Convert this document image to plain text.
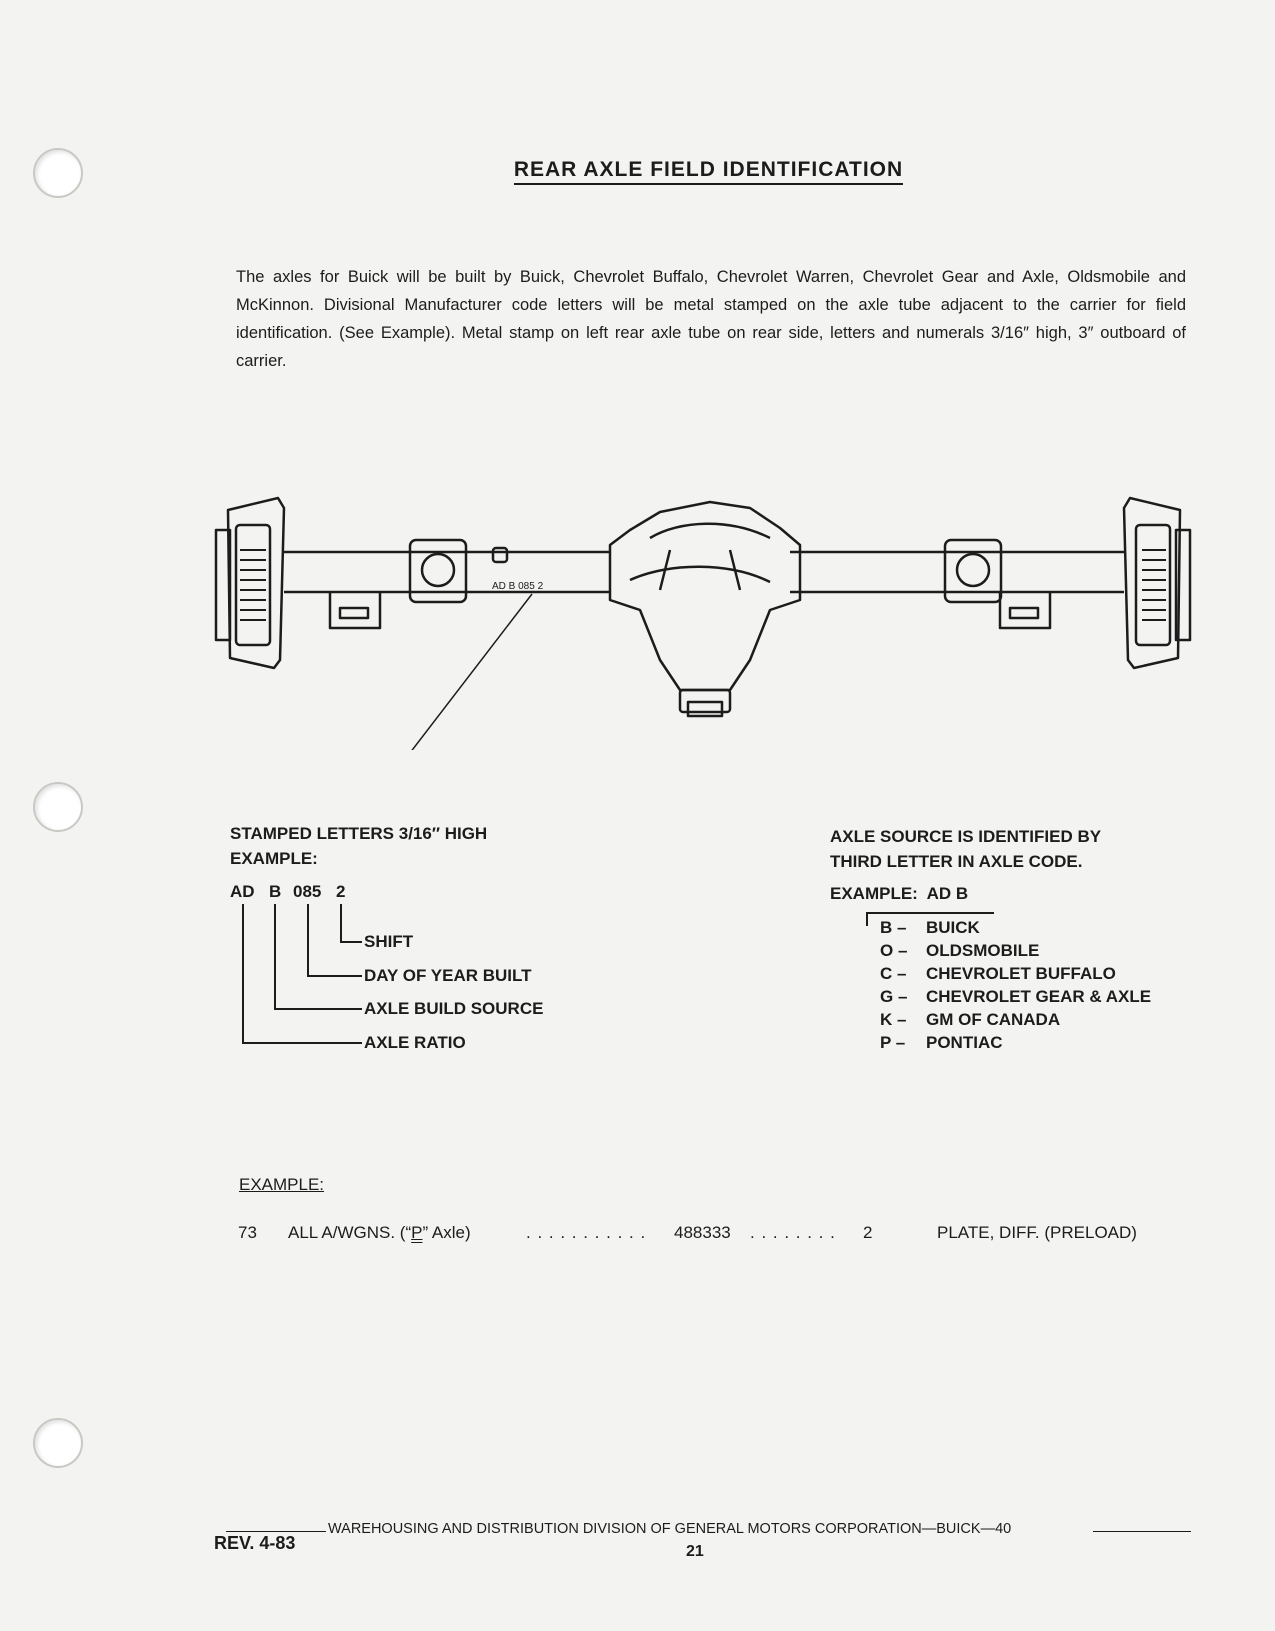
REAR AXLE FIELD IDENTIFICATION
The axles for Buick will be built by Buick, Chevrolet Buffalo, Chevrolet Warren, Chevrolet Gear and Axle, Oldsmobile and McKinnon. Divisional Manufacturer code letters will be metal stamped on the axle tube adjacent to the carrier for field identification. (See Example). Metal stamp on left rear axle tube on rear side, letters and numerals 3/16″ high, 3″ outboard of carrier.
AD B 085 2
STAMPED LETTERS 3/16″ HIGH
EXAMPLE:
AD B 085 2
SHIFT
DAY OF YEAR BUILT
AXLE BUILD SOURCE
AXLE RATIO
AXLE SOURCE IS IDENTIFIED BY
THIRD LETTER IN AXLE CODE.
EXAMPLE:  AD B
B – BUICK
O – OLDSMOBILE
C – CHEVROLET BUFFALO
G – CHEVROLET GEAR & AXLE
K – GM OF CANADA
P – PONTIAC
EXAMPLE:
73 ALL A/WGNS. (“P” Axle)	. . . . . . . . . . . 488333 . . . . . . . . 2	PLATE, DIFF. (PRELOAD)
WAREHOUSING AND DISTRIBUTION DIVISION OF GENERAL MOTORS CORPORATION—BUICK—40
REV. 4-83	21
